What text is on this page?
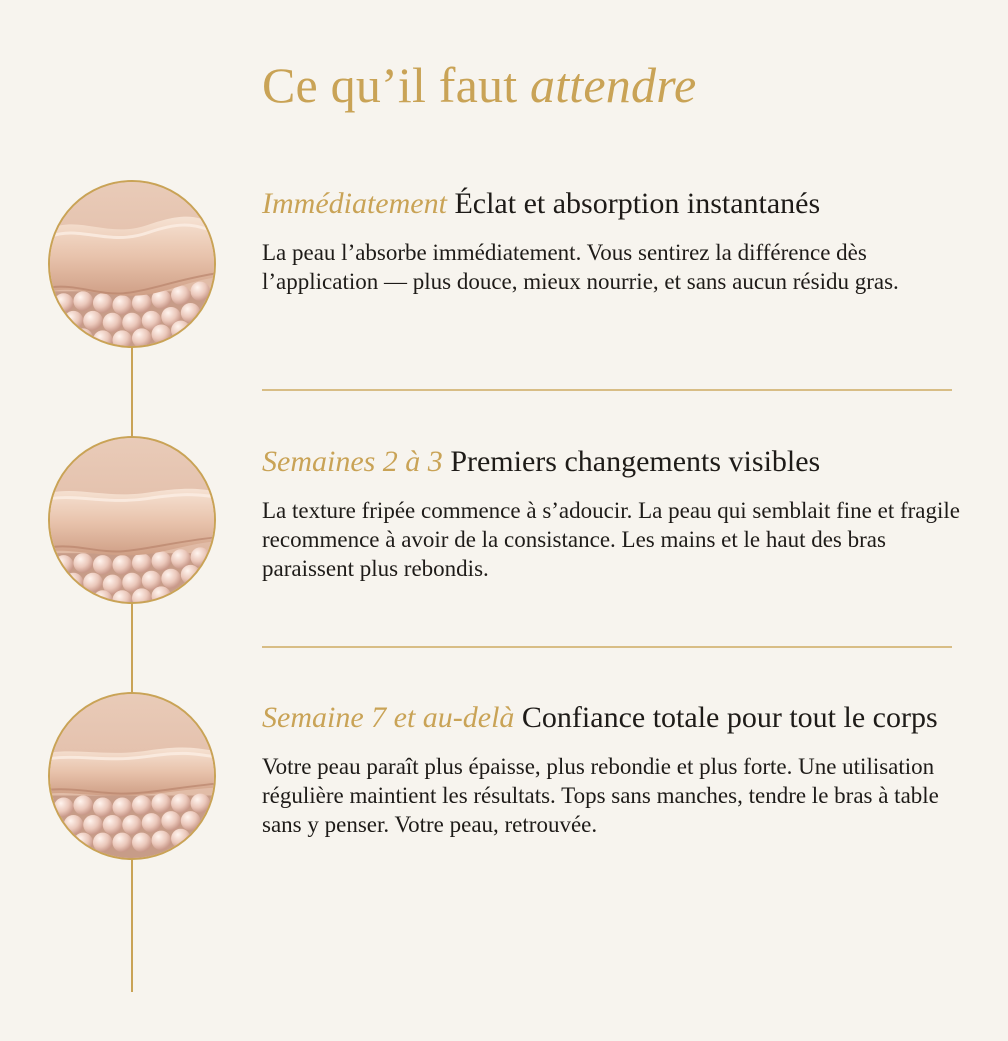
Ce qu’il faut attendre
Immédiatement Éclat et absorption instantanés

La peau l’absorbe immédiatement. Vous sentirez la différence dès l’application — plus douce, mieux nourrie, et sans aucun résidu gras.

Semaines 2 à 3 Premiers changements visibles

La texture fripée commence à s’adoucir. La peau qui semblait fine et fragile recommence à avoir de la consistance. Les mains et le haut des bras paraissent plus rebondis.

Semaine 7 et au-delà Confiance totale pour tout le corps

Votre peau paraît plus épaisse, plus rebondie et plus forte. Une utilisation régulière maintient les résultats. Tops sans manches, tendre le bras à table sans y penser. Votre peau, retrouvée.
